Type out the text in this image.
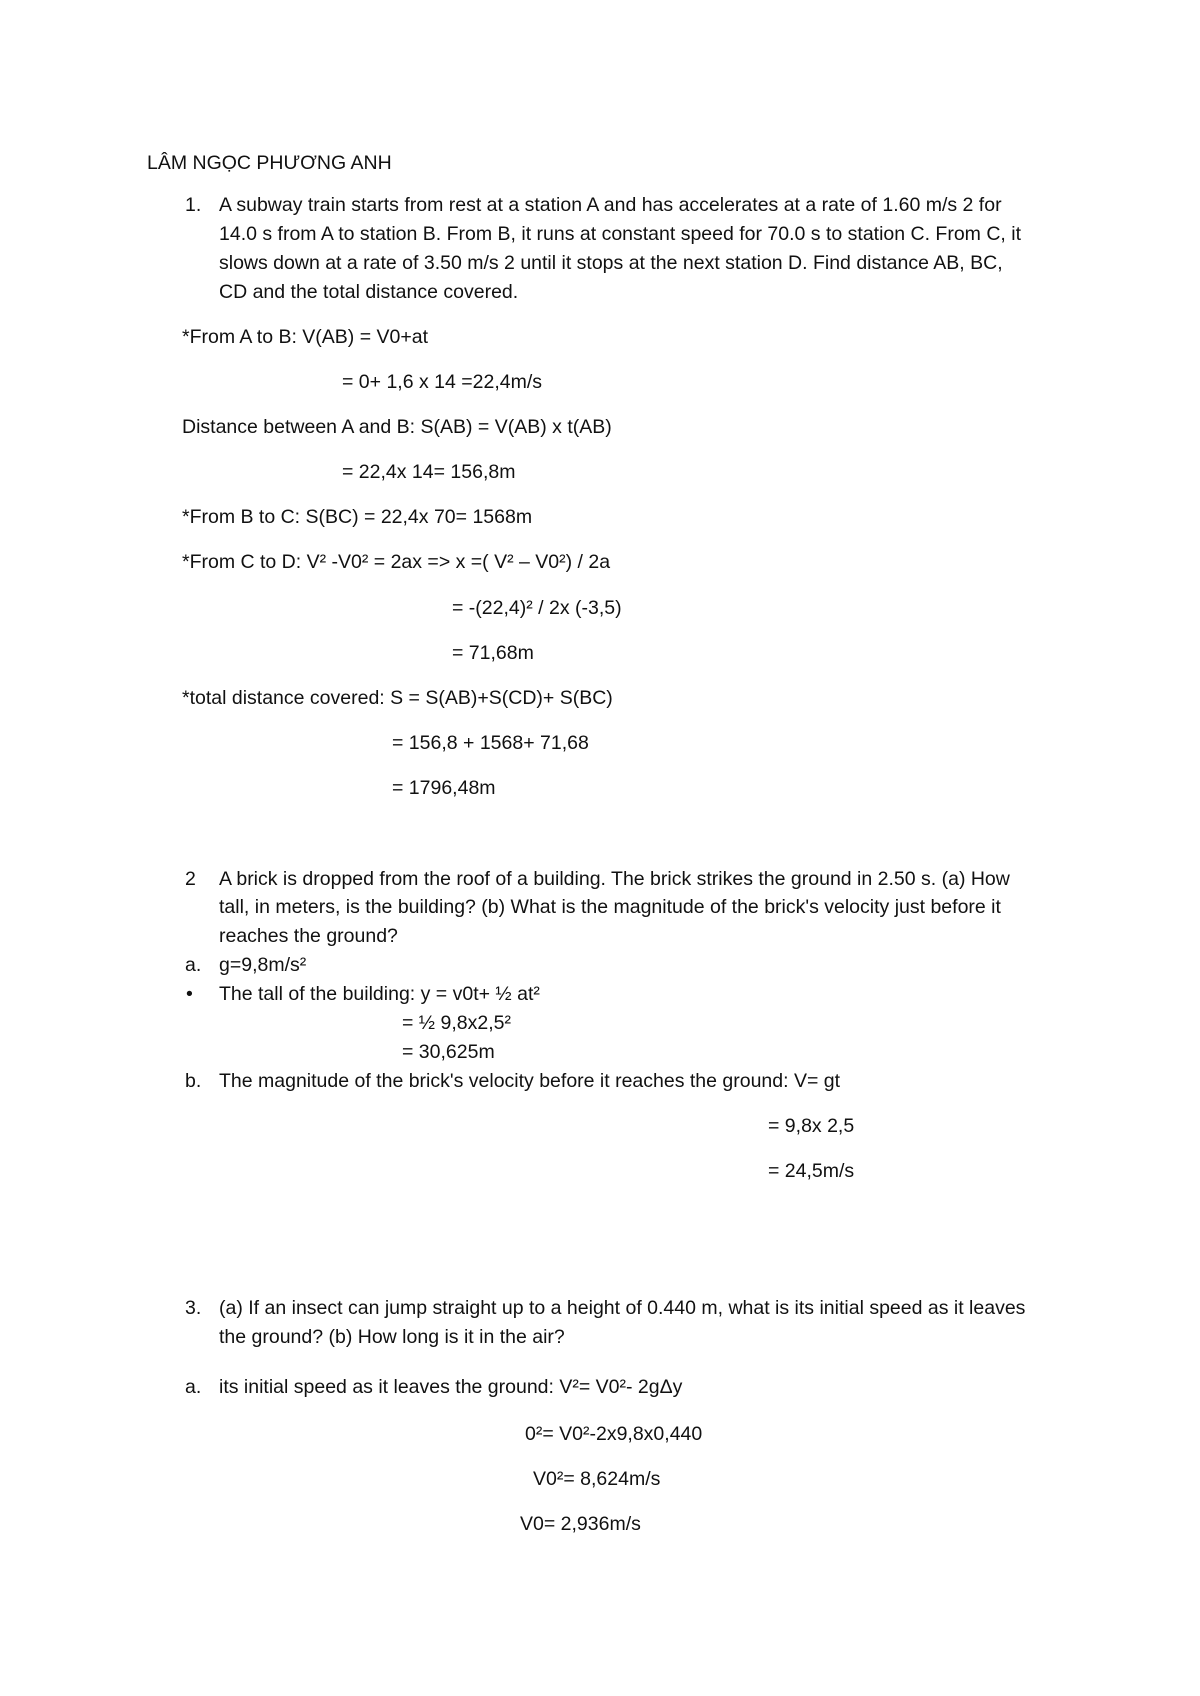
LÂM NGỌC PHƯƠNG ANH
1. A subway train starts from rest at a station A and has accelerates at a rate of 1.60 m/s 2 for
14.0 s from A to station B. From B, it runs at constant speed for 70.0 s to station C. From C, it
slows down at a rate of 3.50 m/s 2 until it stops at the next station D. Find distance AB, BC,
CD and the total distance covered.
*From A to B: V(AB) = V0+at
= 0+ 1,6 x 14 =22,4m/s
Distance between A and B: S(AB) = V(AB) x t(AB)
= 22,4x 14= 156,8m
*From B to C: S(BC) = 22,4x 70= 1568m
*From C to D: V² -V0² = 2ax => x =( V² – V0²) / 2a
= -(22,4)² / 2x (-3,5)
= 71,68m
*total distance covered: S = S(AB)+S(CD)+ S(BC)
= 156,8 + 1568+ 71,68
= 1796,48m
2 A brick is dropped from the roof of a building. The brick strikes the ground in 2.50 s. (a) How
tall, in meters, is the building? (b) What is the magnitude of the brick's velocity just before it
reaches the ground?
a. g=9,8m/s²
• The tall of the building: y = v0t+ ½ at²
= ½ 9,8x2,5²
= 30,625m
b. The magnitude of the brick's velocity before it reaches the ground: V= gt
= 9,8x 2,5
= 24,5m/s
3. (a) If an insect can jump straight up to a height of 0.440 m, what is its initial speed as it leaves
the ground? (b) How long is it in the air?
a. its initial speed as it leaves the ground: V²= V0²- 2gΔy
0²= V0²-2x9,8x0,440
V0²= 8,624m/s
V0= 2,936m/s
